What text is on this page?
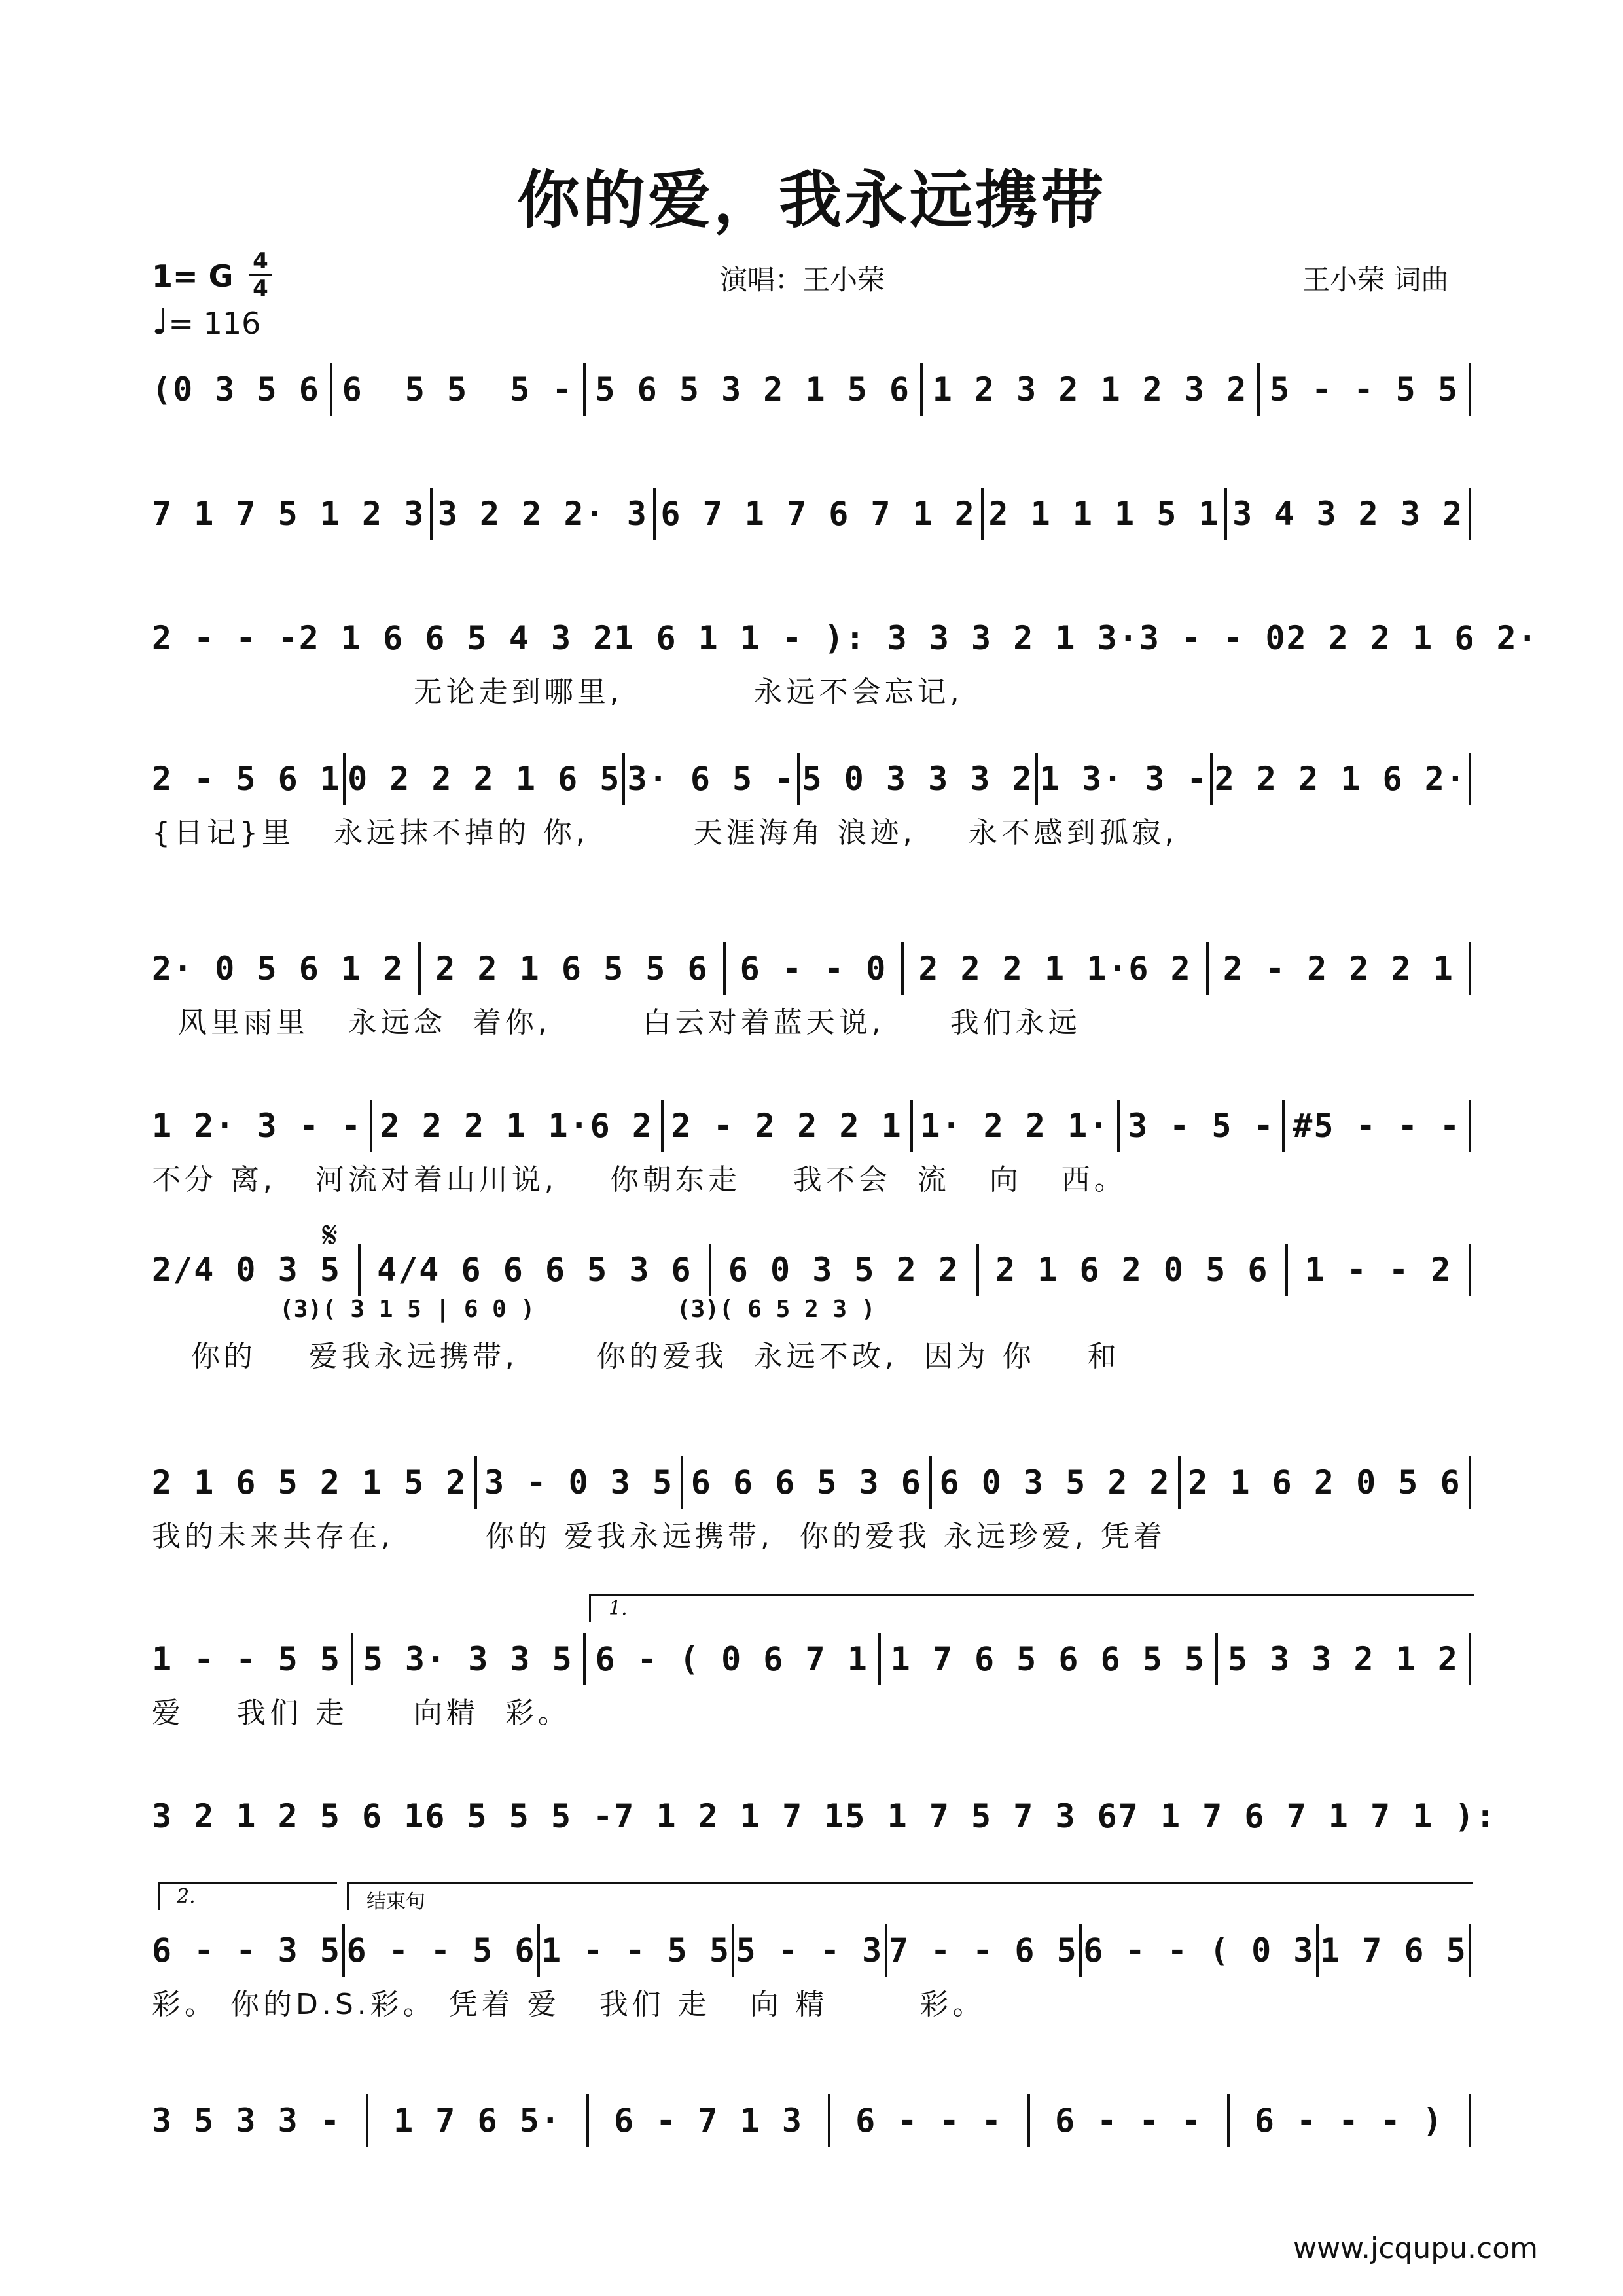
你的爱，我永远携带
1= G 4
4
♩= 116
演唱：王小荣	王小荣 词曲
(0 3 5 6 6  5 5  5 - 5 6 5 3 2 1 5 6 1 2 3 2 1 2 3 2 5 - - 5 5
7 1 7 5 1 2 3 3 2 2 2· 3 6 7 1 7 6 7 1 2 2 1 1 1 5 1 3 4 3 2 3 2
2 - - - 2 1 6 6 5 4 3 2 1 6 1 1 - ) : 3 3 3 2 1 3· 3 - - 0 2 2 2 1 6 2·
无论走到哪里,          永远不会忘记,
2 - 5 6 1 0 2 2 2 1 6 5 3· 6 5 - 5 0 3 3 3 2 1 3· 3 - 2 2 2 1 6 2·
{日记}里   永远抹不掉的 你,        天涯海角 浪迹,    永不感到孤寂,
2· 0 5 6 1 2 2 2 1 6 5 5 6 6 - - 0 2 2 2 1 1·6 2 2 - 2 2 2 1
风里雨里   永远念  着你,       白云对着蓝天说,     我们永远
1 2· 3 - - 2 2 2 1 1·6 2 2 - 2 2 2 1 1· 2 2 1· 3 - 5 - #5 - - -
不分 离,   河流对着山川说,    你朝东走    我不会  流   向   西。
2/4 0 3 5 4/4 6 6 6 5 3 6 6 0 3 5 2 2 2 1 6 2 0 5 6 1 - - 2
(3)( 3 1 5 | 6 0 )          (3)( 6 5 2 3 )
你的    爱我永远携带,      你的爱我  永远不改,  因为 你    和
2 1 6 5 2 1 5 2 3 - 0 3 5 6 6 6 5 3 6 6 0 3 5 2 2 2 1 6 2 0 5 6
我的未来共存在,       你的 爱我永远携带,  你的爱我 永远珍爱, 凭着
1 - - 5 5 5 3· 3 3 5 6 - ( 0 6 7 1 1 7 6 5 6 6 5 5 5 3 3 2 1 2
爱    我们 走     向精  彩。
3 2 1 2 5 6 1 6 5 5 5 - 7 1 2 1 7 1 5 1 7 5 7 3 6 7 1 7 6 7 1 7 1 ):
6 - - 3 5 6 - - 5 6 1 - - 5 5 5 - - 3 7 - - 6 5 6 - - ( 0 3 1 7 6 5
彩。 你的D.S.彩。 凭着 爱   我们 走   向 精       彩。
3 5 3 3 - 1 7 6 5· 6 - 7 1 3 6 - - - 6 - - - 6 - - - )
1.
2.	结束句
𝄋
www.jcqupu.com
